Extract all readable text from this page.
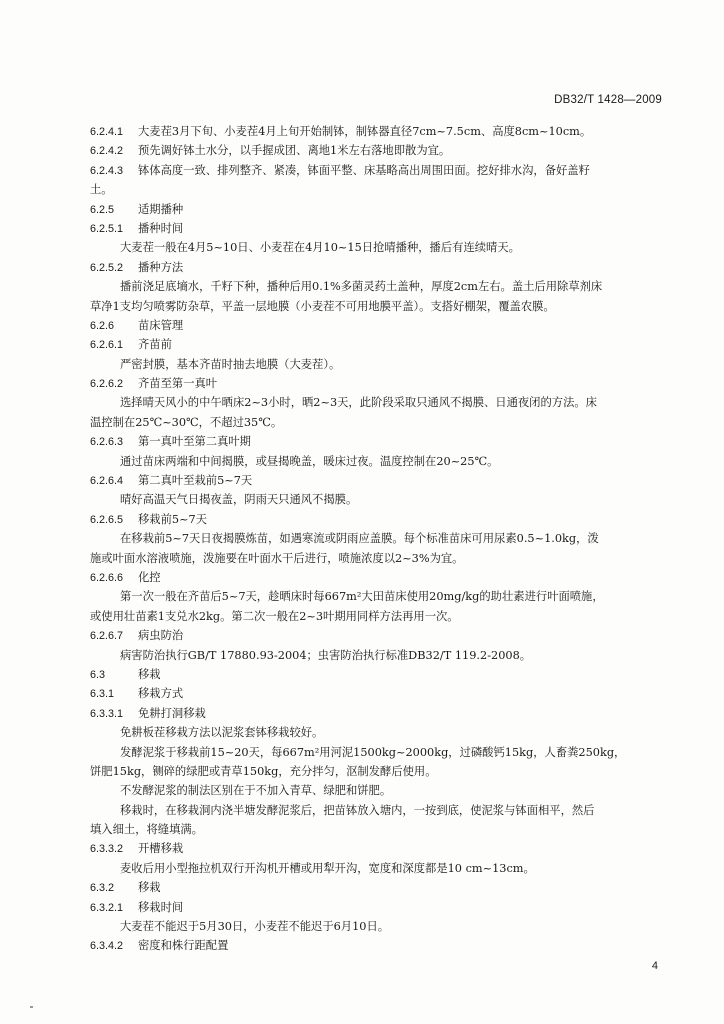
DB32/T 1428—2009
6.2.4.1 大麦茬3月下旬、小麦茬4月上旬开始制钵，制钵器直径7cm~7.5cm、高度8cm~10cm。
6.2.4.2 预先调好钵土水分，以手握成团、离地1米左右落地即散为宜。
6.2.4.3 钵体高度一致、排列整齐、紧凑，钵面平整、床基略高出周围田面。挖好排水沟，备好盖籽
土。
6.2.5 适期播种
6.2.5.1 播种时间
大麦茬一般在4月5~10日、小麦茬在4月10~15日抢晴播种，播后有连续晴天。
6.2.5.2 播种方法
播前浇足底墒水，千籽下种，播种后用0.1%多菌灵药土盖种，厚度2cm左右。盖土后用除草剂床
草净1支均匀喷雾防杂草，平盖一层地膜（小麦茬不可用地膜平盖）。支搭好棚架，覆盖农膜。
6.2.6 苗床管理
6.2.6.1 齐苗前
严密封膜，基本齐苗时抽去地膜（大麦茬）。
6.2.6.2 齐苗至第一真叶
选择晴天风小的中午晒床2~3小时，晒2~3天，此阶段采取只通风不揭膜、日通夜闭的方法。床
温控制在25℃~30℃，不超过35℃。
6.2.6.3 第一真叶至第二真叶期
通过苗床两端和中间揭膜，或昼揭晚盖，暖床过夜。温度控制在20~25℃。
6.2.6.4 第二真叶至栽前5~7天
晴好高温天气日揭夜盖，阴雨天只通风不揭膜。
6.2.6.5 移栽前5~7天
在移栽前5~7天日夜揭膜炼苗，如遇寒流或阴雨应盖膜。每个标准苗床可用尿素0.5~1.0kg，泼
施或叶面水溶液喷施，泼施要在叶面水干后进行，喷施浓度以2~3%为宜。
6.2.6.6 化控
第一次一般在齐苗后5~7天，趁晒床时每667m²大田苗床使用20mg/kg的助壮素进行叶面喷施，
或使用壮苗素1支兑水2kg。第二次一般在2~3叶期用同样方法再用一次。
6.2.6.7 病虫防治
病害防治执行GB/T 17880.93-2004；虫害防治执行标准DB32/T 119.2-2008。
6.3	移栽
6.3.1 移栽方式
6.3.3.1 免耕打洞移栽
免耕板茬移栽方法以泥浆套钵移栽较好。
发酵泥浆于移栽前15~20天，每667m²用河泥1500kg~2000kg，过磷酸钙15kg，人畜粪250kg，
饼肥15kg，铡碎的绿肥或青草150kg，充分拌匀，沤制发酵后使用。
不发酵泥浆的制法区别在于不加入青草、绿肥和饼肥。
移栽时，在移栽洞内浇半塘发酵泥浆后，把苗钵放入塘内，一按到底，使泥浆与钵面相平，然后
填入细土，将缝填满。
6.3.3.2 开槽移栽
麦收后用小型拖拉机双行开沟机开槽或用犁开沟，宽度和深度都是10 cm~13cm。
6.3.2 移栽
6.3.2.1 移栽时间
大麦茬不能迟于5月30日，小麦茬不能迟于6月10日。
6.3.4.2 密度和株行距配置
4
